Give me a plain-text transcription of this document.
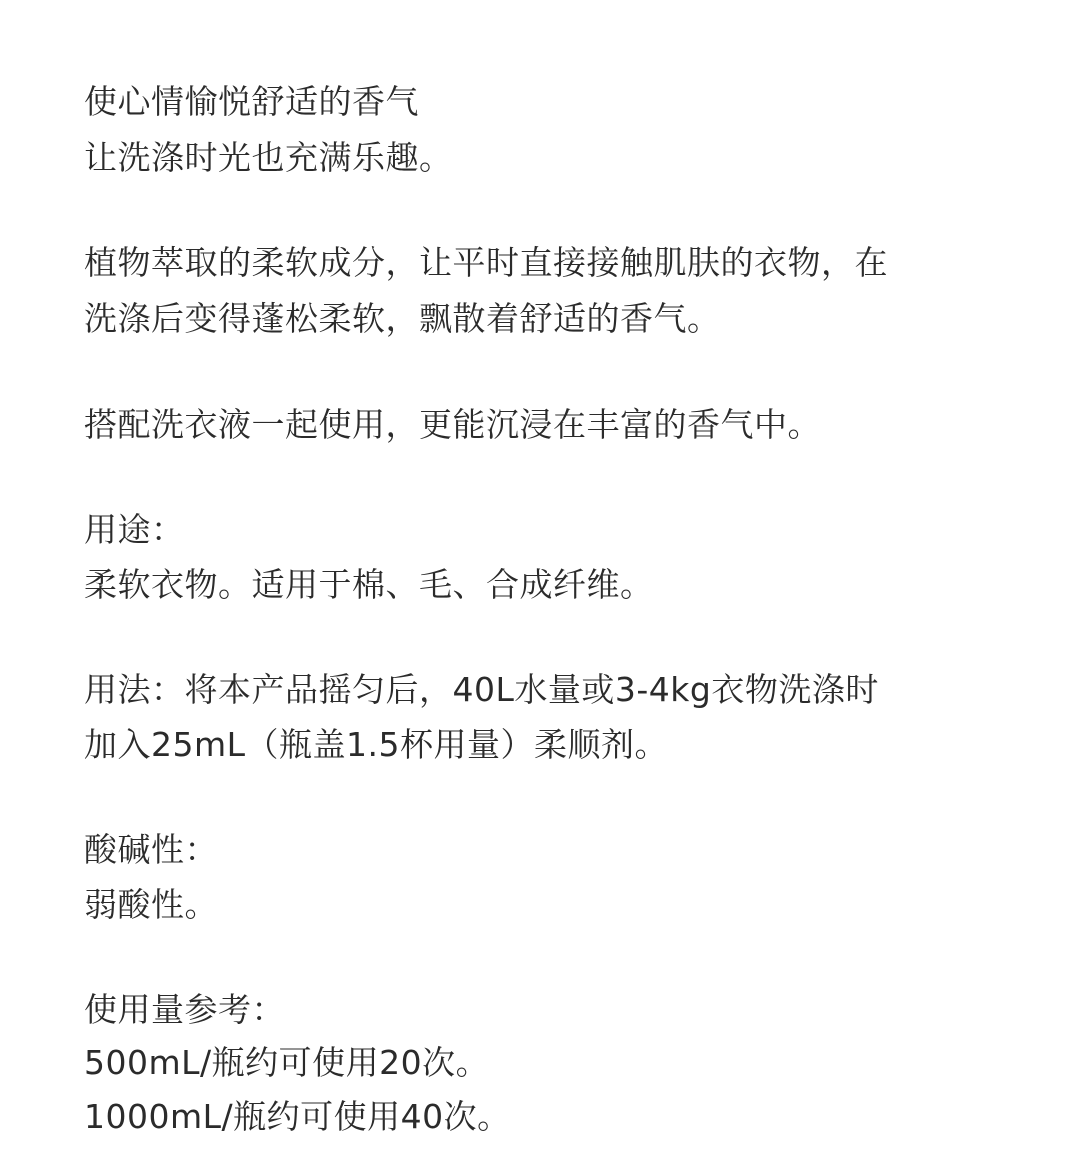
使心情愉悦舒适的香气

让洗涤时光也充满乐趣。

植物萃取的柔软成分，让平时直接接触肌肤的衣物，在

洗涤后变得蓬松柔软，飘散着舒适的香气。

搭配洗衣液一起使用，更能沉浸在丰富的香气中。

用途：

柔软衣物。适用于棉、毛、合成纤维。

用法：将本产品摇匀后，40L水量或3-4kg衣物洗涤时

加入25mL（瓶盖1.5杯用量）柔顺剂。

酸碱性：

弱酸性。

使用量参考：

500mL/瓶约可使用20次。

1000mL/瓶约可使用40次。
